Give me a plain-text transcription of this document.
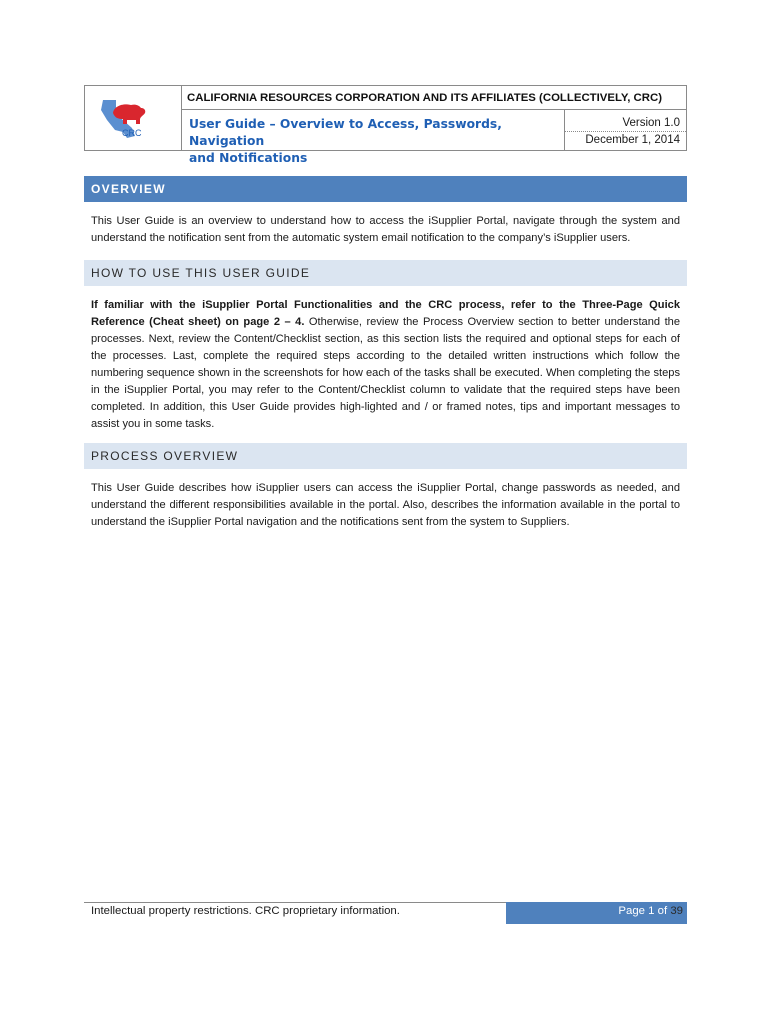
CRC
CALIFORNIA RESOURCES CORPORATION AND ITS AFFILIATES (COLLECTIVELY, CRC)
User Guide – Overview to Access, Passwords, Navigation
and Notifications
Version 1.0
December 1, 2014
OVERVIEW

This User Guide is an overview to understand how to access the iSupplier Portal, navigate through the system and understand the notification sent from the automatic system email notification to the company’s iSupplier users.

HOW TO USE THIS USER GUIDE

If familiar with the iSupplier Portal Functionalities and the CRC process, refer to the Three-Page Quick Reference (Cheat sheet) on page 2 – 4. Otherwise, review the Process Overview section to better understand the processes. Next, review the Content/Checklist section, as this section lists the required and optional steps for each of the processes. Last, complete the required steps according to the detailed written instructions which follow the numbering sequence shown in the screenshots for how each of the tasks shall be executed. When completing the steps in the iSupplier Portal, you may refer to the Content/Checklist column to validate that the required steps have been completed. In addition, this User Guide provides high-lighted and / or framed notes, tips and important messages to assist you in some tasks.

PROCESS OVERVIEW

This User Guide describes how iSupplier users can access the iSupplier Portal, change passwords as needed, and understand the different responsibilities available in the portal. Also, describes the information available in the portal to understand the iSupplier Portal navigation and the notifications sent from the system to Suppliers.

Intellectual property restrictions. CRC proprietary information.	Page 1 of 39
